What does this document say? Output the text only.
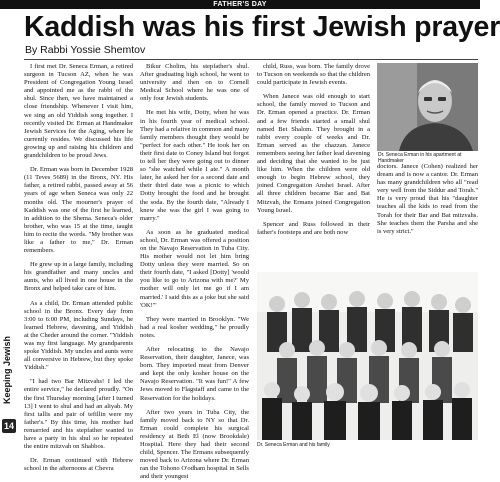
FATHER'S DAY
Kaddish was his first Jewish prayer
By Rabbi Yossie Shemtov
Keeping Jewish
14

I first met Dr. Seneca Erman, a retired surgeon in Tucson AZ, when he was President of Congregation Young Israel and appointed me as the rabbi of the shul. Since then, we have maintained a close friendship. Whenever I visit him, we sing an old Yiddish song together. I recently visited Dr. Erman at Handmaker Jewish Services for the Aging, where he currently resides. We discussed his life growing up and raising his children and grandchildren to be proud Jews.

Dr. Erman was born in December 1928 (11 Teves 5689) in the Bronx, NY. His father, a retired rabbi, passed away at 56 years of age when Seneca was only 22 months old. The mourner's prayer of Kaddish was one of the first he learned, in addition to the Shema. Seneca's older brother, who was 15 at the time, taught him to recite the words. "My brother was like a father to me," Dr. Erman remembers.

He grew up in a large family, including his grandfather and many uncles and aunts, who all lived in one house in the Bronx and helped take care of him.

As a child, Dr. Erman attended public school in the Bronx. Every day from 3:00 to 6:00 PM, including Sundays, he learned Hebrew, davening, and Yiddish at the Cheder around the corner. "Yiddish was my first language. My grandparents spoke Yiddish. My uncles and aunts were all conversive in Hebrew, but they spoke Yiddish."

"I had two Bar Mitzvahs! I led the entire service," he declared proudly. "On the first Thursday morning [after I turned 13] I went to shul and had an aliyah. My first tallis and pair of tefillin were my father's." By this time, his mother had remarried and his stepfather wanted to have a party in his shul so he repeated the entire mitzvah on Shabbos.

Dr. Erman continued with Hebrew school in the afternoons at Chevra

Bikur Cholim, his stepfather's shul. After graduating high school, he went to university and then on to Cornell Medical School where he was one of only four Jewish students.

He met his wife, Dotty, when he was in his fourth year of medical school. They had a relative in common and many family members thought they would be "perfect for each other." He took her on their first date to Coney Island but forgot to tell her they were going out to dinner so "she watched while I ate." A month later, he asked her for a second date and their third date was a picnic to which Dotty brought the food and he brought the soda. By the fourth date, "Already I knew she was the girl I was going to marry."

As soon as he graduated medical school, Dr. Erman was offered a position on the Navajo Reservation in Tuba City. His mother would not let him bring Dotty unless they were married. So on their fourth date, "I asked [Dotty] 'would you like to go to Arizona with me?' My mother will only let me go if I am married.' I said this as a joke but she said 'OK!'"

They were married in Brooklyn. "We had a real kosher wedding," he proudly notes.

After relocating to the Navajo Reservation, their daughter, Janece, was born. They imported meat from Denver and kept the only kosher house on the Navajo Reservation. "It was fun!" A few Jews moved to Flagstaff and came to the Reservation for the holidays.

After two years in Tuba City, the family moved back to NY so that Dr. Erman could complete his surgical residency at Beth El (now Brookdale) Hospital. Here they had their second child, Spencer. The Ermans subsequently moved back to Arizona where Dr. Erman ran the Tohono O'odham hospital in Sells and their youngest

child, Russ, was born. The family drove to Tucson on weekends so that the children could participate in Jewish events.

When Janece was old enough to start school, the family moved to Tucson and Dr. Erman opened a practice. Dr. Erman and a few friends started a small shul named Bet Shalom. They brought in a rabbi every couple of weeks and Dr. Erman served as the chazzan. Janece remembers seeing her father lead davening and deciding that she wanted to be just like him. When the children were old enough to begin Hebrew school, they joined Congregation Anshei Israel. After all three children became Bar and Bat Mitzvah, the Ermans joined Congregation Young Israel.

Spencer and Russ followed in their father's footsteps and are both now

Dr. Seneca Erman in his apartment at Handmaker

doctors. Janece (Cohen) realized her dream and is now a cantor. Dr. Erman has many grandchildren who all "read very well from the Siddur and Torah." He is very proud that his "daughter teaches all the kids to read from the Torah for their Bar and Bat mitzvahs. She teaches them the Parsha and she is very strict."

Dr. Seneca Erman and his family
